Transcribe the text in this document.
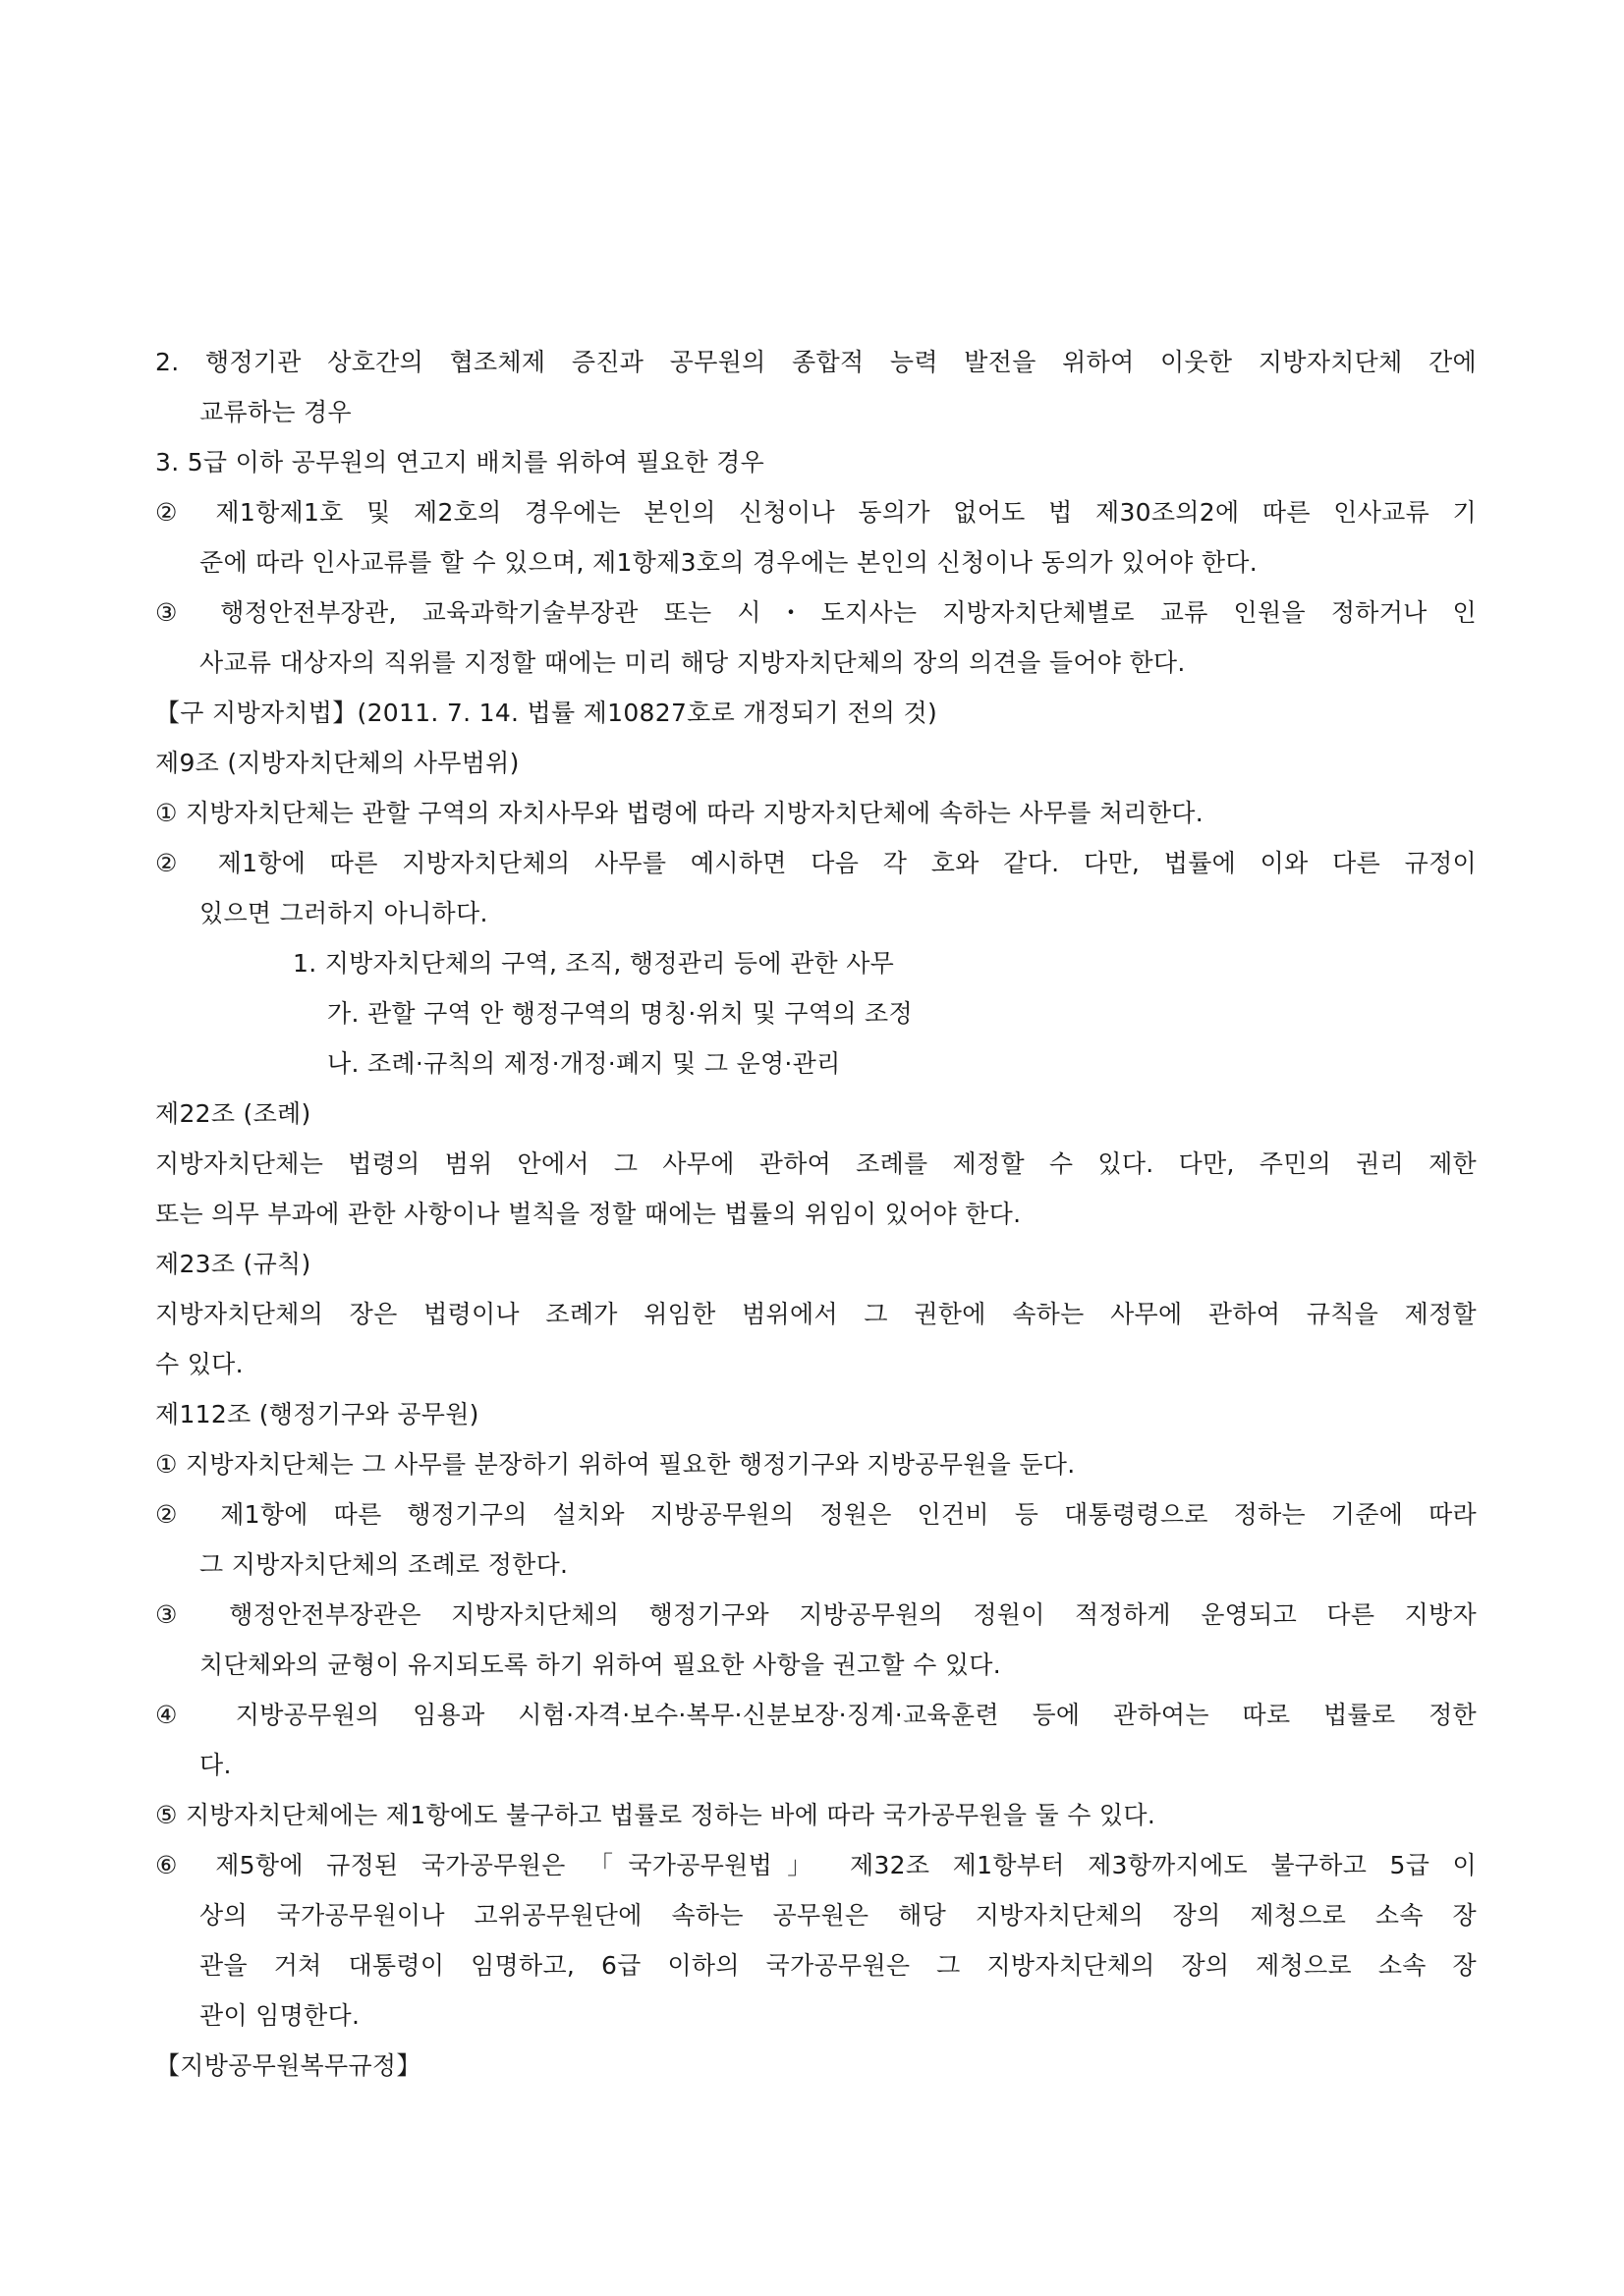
2. 행정기관 상호간의 협조체제 증진과 공무원의 종합적 능력 발전을 위하여 이웃한 지방자치단체 간에
교류하는 경우
3. 5급 이하 공무원의 연고지 배치를 위하여 필요한 경우
② 제1항제1호 및 제2호의 경우에는 본인의 신청이나 동의가 없어도 법 제30조의2에 따른 인사교류 기
준에 따라 인사교류를 할 수 있으며, 제1항제3호의 경우에는 본인의 신청이나 동의가 있어야 한다.
③ 행정안전부장관, 교육과학기술부장관 또는 시・도지사는 지방자치단체별로 교류 인원을 정하거나 인
사교류 대상자의 직위를 지정할 때에는 미리 해당 지방자치단체의 장의 의견을 들어야 한다.
【구 지방자치법】(2011. 7. 14. 법률 제10827호로 개정되기 전의 것)
제9조 (지방자치단체의 사무범위)
① 지방자치단체는 관할 구역의 자치사무와 법령에 따라 지방자치단체에 속하는 사무를 처리한다.
② 제1항에 따른 지방자치단체의 사무를 예시하면 다음 각 호와 같다. 다만, 법률에 이와 다른 규정이
있으면 그러하지 아니하다.
1. 지방자치단체의 구역, 조직, 행정관리 등에 관한 사무
가. 관할 구역 안 행정구역의 명칭·위치 및 구역의 조정
나. 조례·규칙의 제정·개정·폐지 및 그 운영·관리
제22조 (조례)
지방자치단체는 법령의 범위 안에서 그 사무에 관하여 조례를 제정할 수 있다. 다만, 주민의 권리 제한
또는 의무 부과에 관한 사항이나 벌칙을 정할 때에는 법률의 위임이 있어야 한다.
제23조 (규칙)
지방자치단체의 장은 법령이나 조례가 위임한 범위에서 그 권한에 속하는 사무에 관하여 규칙을 제정할
수 있다.
제112조 (행정기구와 공무원)
① 지방자치단체는 그 사무를 분장하기 위하여 필요한 행정기구와 지방공무원을 둔다.
② 제1항에 따른 행정기구의 설치와 지방공무원의 정원은 인건비 등 대통령령으로 정하는 기준에 따라
그 지방자치단체의 조례로 정한다.
③ 행정안전부장관은 지방자치단체의 행정기구와 지방공무원의 정원이 적정하게 운영되고 다른 지방자
치단체와의 균형이 유지되도록 하기 위하여 필요한 사항을 권고할 수 있다.
④ 지방공무원의 임용과 시험·자격·보수·복무·신분보장·징계·교육훈련 등에 관하여는 따로 법률로 정한
다.
⑤ 지방자치단체에는 제1항에도 불구하고 법률로 정하는 바에 따라 국가공무원을 둘 수 있다.
⑥ 제5항에 규정된 국가공무원은 「국가공무원법」 제32조 제1항부터 제3항까지에도 불구하고 5급 이
상의 국가공무원이나 고위공무원단에 속하는 공무원은 해당 지방자치단체의 장의 제청으로 소속 장
관을 거쳐 대통령이 임명하고, 6급 이하의 국가공무원은 그 지방자치단체의 장의 제청으로 소속 장
관이 임명한다.
【지방공무원복무규정】
